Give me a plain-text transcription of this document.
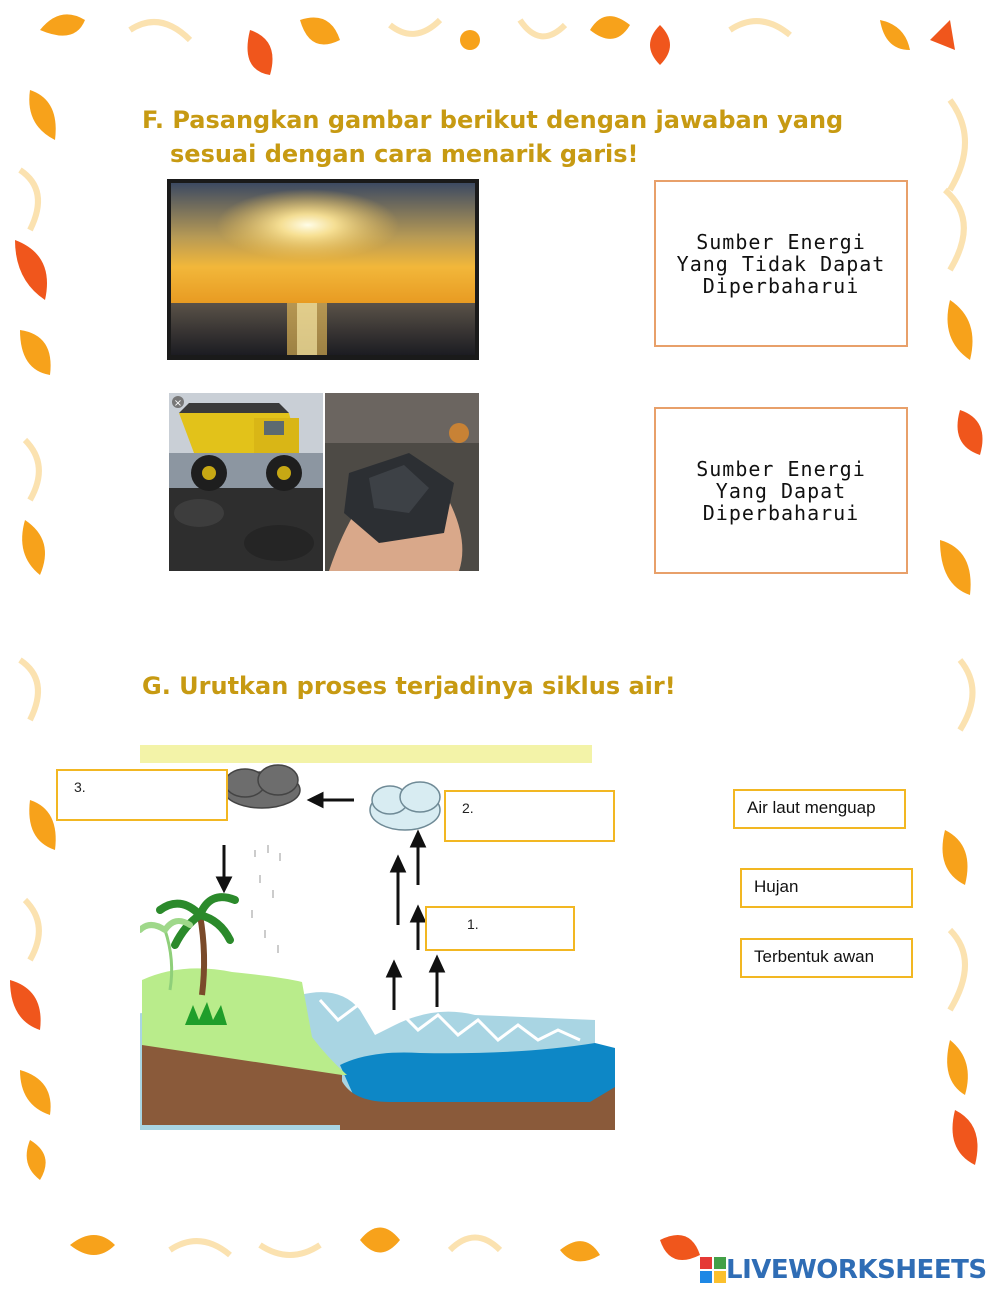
F. Pasangkan gambar berikut dengan jawaban yang
sesuai dengan cara menarik garis!
×
Sumber Energi
Yang Tidak Dapat
Diperbaharui
Sumber Energi
Yang Dapat
Diperbaharui
G. Urutkan proses terjadinya siklus air!
3.
2.
1.
Air laut menguap
Hujan
Terbentuk awan
LIVEWORKSHEETS
